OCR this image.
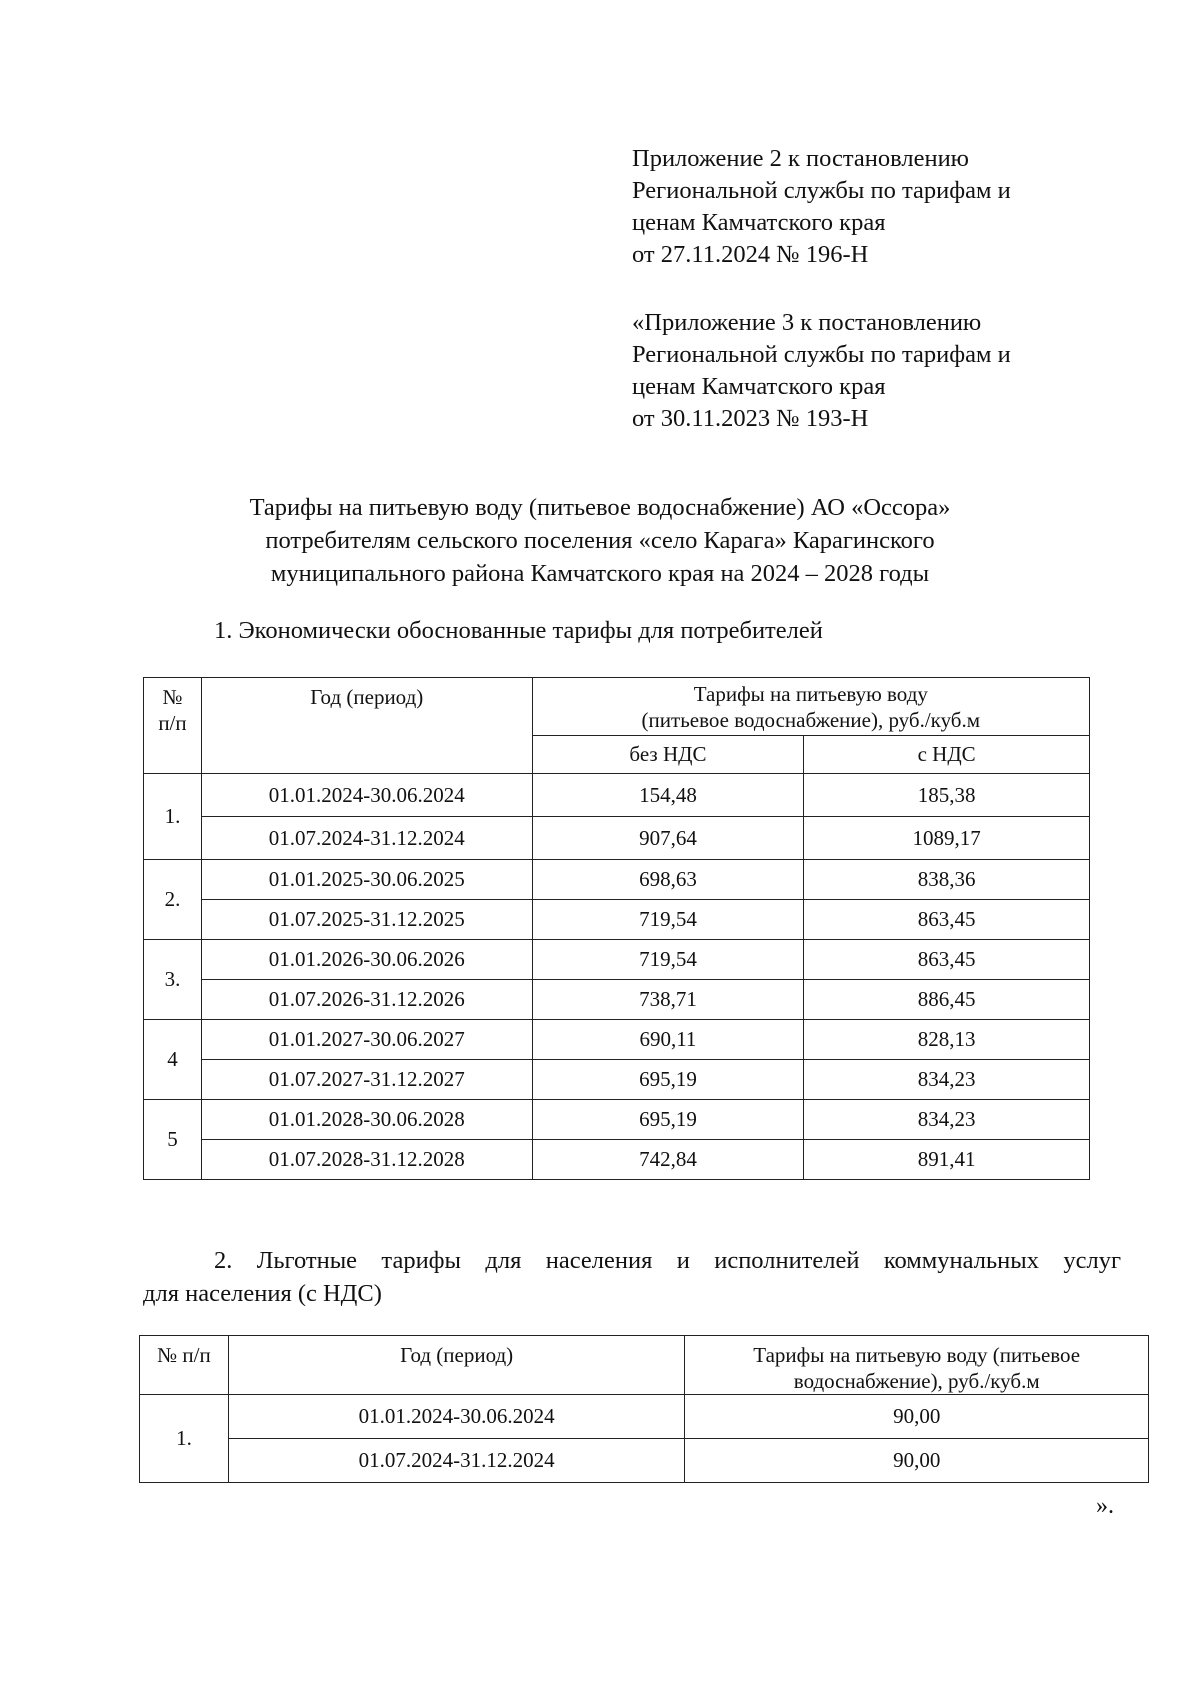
Приложение 2 к постановлению
Региональной службы по тарифам и
ценам Камчатского края
от 27.11.2024 № 196-Н
«Приложение 3 к постановлению
Региональной службы по тарифам и
ценам Камчатского края
от 30.11.2023 № 193-Н
Тарифы на питьевую воду (питьевое водоснабжение) АО «Оссора»
потребителям сельского поселения «село Карага» Карагинского
муниципального района Камчатского края на 2024 – 2028 годы
1. Экономически обоснованные тарифы для потребителей
№ п/п	Год (период)	Тарифы на питьевую воду
(питьевое водоснабжение), руб./куб.м	

		без НДС	с НДС
1.	01.01.2024-30.06.2024	154,48	185,38
	01.07.2024-31.12.2024	907,64	1089,17
2.	01.01.2025-30.06.2025	698,63	838,36
	01.07.2025-31.12.2025	719,54	863,45
3.	01.01.2026-30.06.2026	719,54	863,45
	01.07.2026-31.12.2026	738,71	886,45
4	01.01.2027-30.06.2027	690,11	828,13
	01.07.2027-31.12.2027	695,19	834,23
5	01.01.2028-30.06.2028	695,19	834,23
	01.07.2028-31.12.2028	742,84	891,41
2. Льготные тарифы для населения и исполнителей коммунальных услуг
для населения (с НДС)
№ п/п	Год (период)	Тарифы на питьевую воду (питьевое
водоснабжение), руб./куб.м

1.	01.01.2024-30.06.2024	90,00
	01.07.2024-31.12.2024	90,00
».
